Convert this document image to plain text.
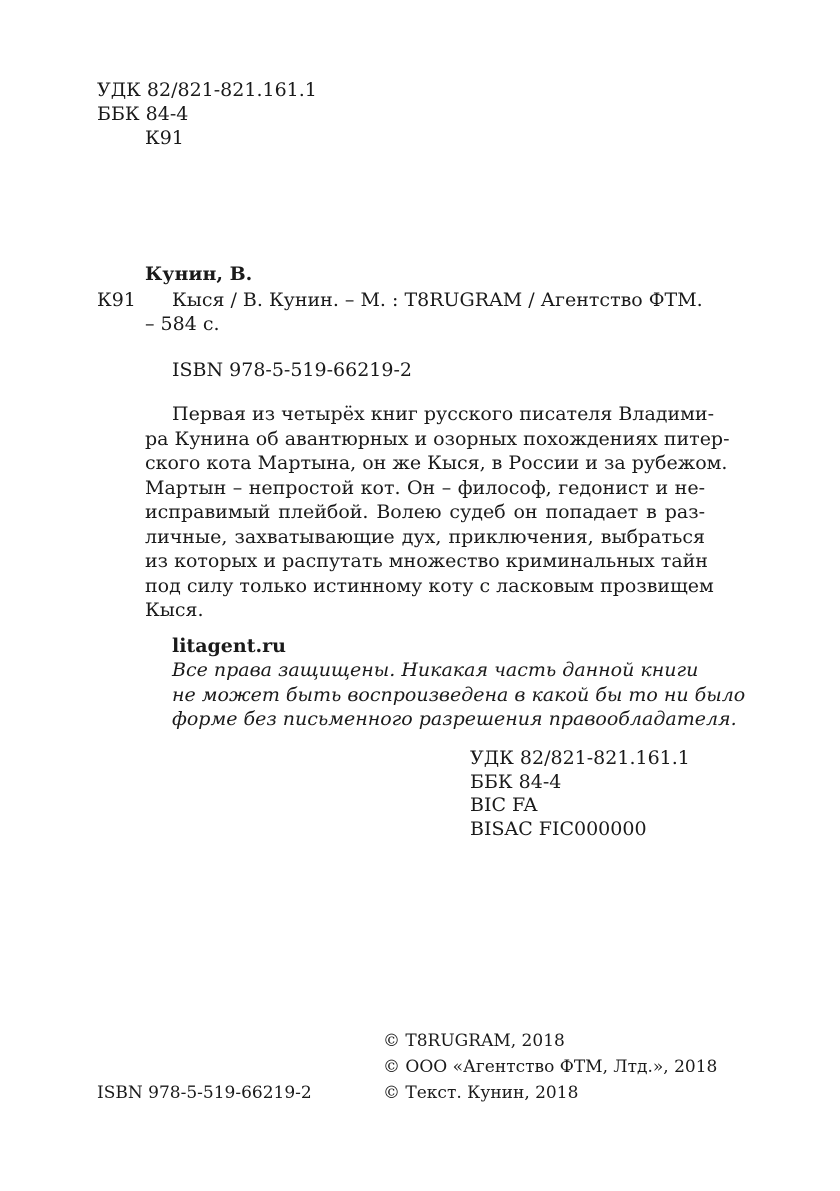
УДК 82/821-821.161.1
ББК 84-4
К91
Кунин, В.
К91 Кыся / В. Кунин. – М. : T8RUGRAM / Агентство ФТМ.
– 584 с.
ISBN 978-5-519-66219-2
Первая из четырёх книг русского писателя Владими-
ра Кунина об авантюрных и озорных похождениях питер-
ского кота Мартына, он же Кыся, в России и за рубежом.
Мартын – непростой кот. Он – философ, гедонист и не-
исправимый плейбой. Волею судеб он попадает в раз-
личные, захватывающие дух, приключения, выбраться
из которых и распутать множество криминальных тайн
под силу только истинному коту с ласковым прозвищем
Кыся.
litagent.ru
Все права защищены. Никакая часть данной книги
не может быть воспроизведена в какой бы то ни было
форме без письменного разрешения правообладателя.
УДК 82/821-821.161.1
ББК 84-4
BIC FA
BISAC FIC000000
© T8RUGRAM, 2018
© ООО «Агентство ФТМ, Лтд.», 2018
© Текст. Кунин, 2018
ISBN 978-5-519-66219-2
